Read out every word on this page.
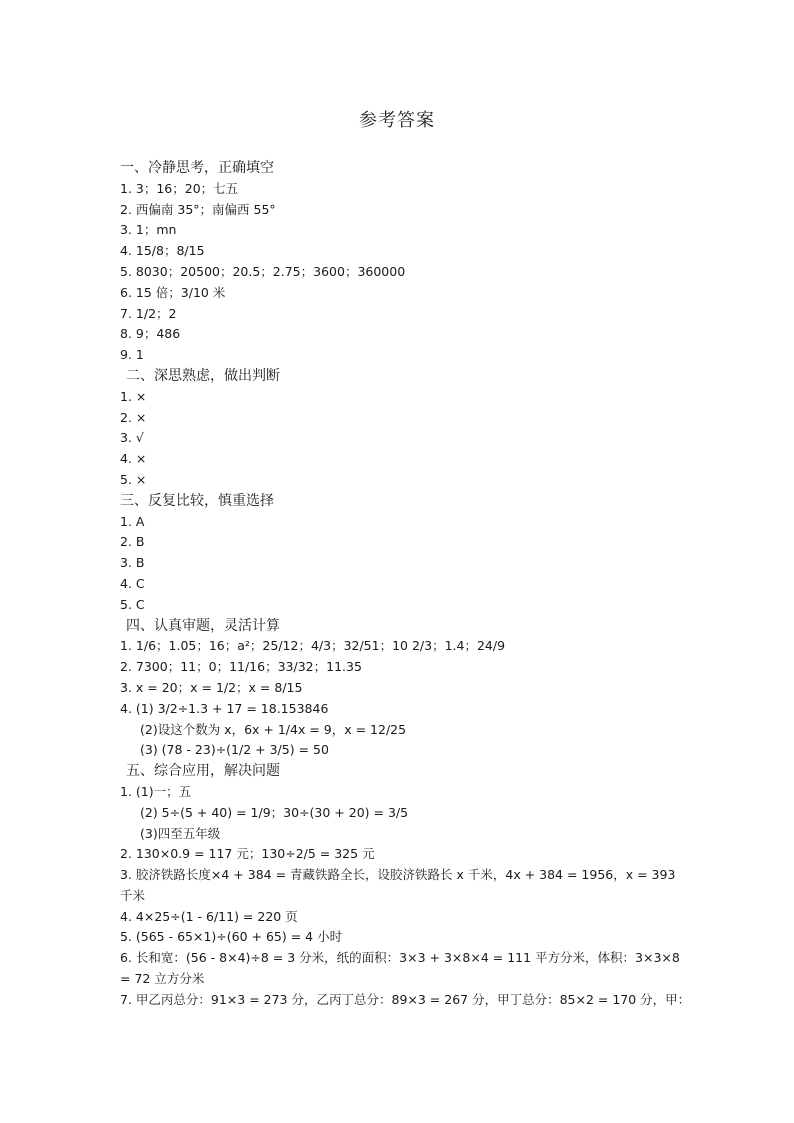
参考答案
一、冷静思考，正确填空
1. 3；16；20；七五
2. 西偏南 35°；南偏西 55°
3. 1；mn
4. 15/8；8/15
5. 8030；20500；20.5；2.75；3600；360000
6. 15 倍；3/10 米
7. 1/2；2
8. 9；486
9. 1
二、深思熟虑，做出判断
1. ×
2. ×
3. √
4. ×
5. ×
三、反复比较，慎重选择
1. A
2. B
3. B
4. C
5. C
四、认真审题，灵活计算
1. 1/6；1.05；16；a²；25/12；4/3；32/51；10 2/3；1.4；24/9
2. 7300；11；0；11/16；33/32；11.35
3. x = 20；x = 1/2；x = 8/15
4. (1) 3/2÷1.3 + 17 = 18.153846
(2)设这个数为 x，6x + 1/4x = 9，x = 12/25
(3) (78 - 23)÷(1/2 + 3/5) = 50
五、综合应用，解决问题
1. (1)一；五
(2) 5÷(5 + 40) = 1/9；30÷(30 + 20) = 3/5
(3)四至五年级
2. 130×0.9 = 117 元；130÷2/5 = 325 元
3. 胶济铁路长度×4 + 384 = 青藏铁路全长，设胶济铁路长 x 千米，4x + 384 = 1956，x = 393 千米
4. 4×25÷(1 - 6/11) = 220 页
5. (565 - 65×1)÷(60 + 65) = 4 小时
6. 长和宽：(56 - 8×4)÷8 = 3 分米，纸的面积：3×3 + 3×8×4 = 111 平方分米，体积：3×3×8 = 72 立方分米
7. 甲乙丙总分：91×3 = 273 分，乙丙丁总分：89×3 = 267 分，甲丁总分：85×2 = 170 分，甲：
